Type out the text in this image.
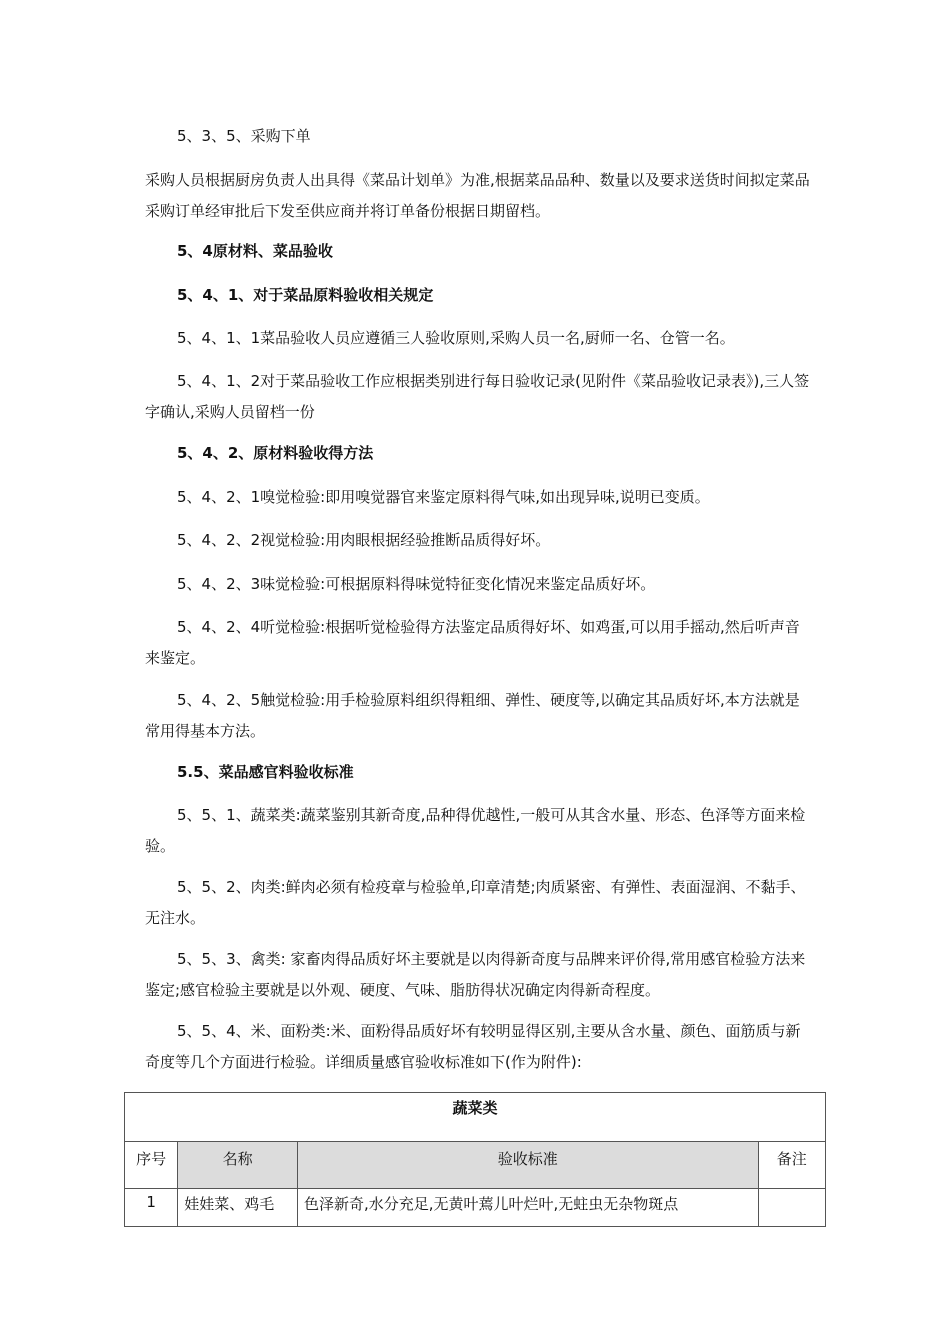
5、3、5、采购下单

采购人员根据厨房负责人出具得《菜品计划单》为准,根据菜品品种、数量以及要求送货时间拟定菜品采购订单经审批后下发至供应商并将订单备份根据日期留档。

5、4原材料、菜品验收

5、4、1、对于菜品原料验收相关规定

5、4、1、1菜品验收人员应遵循三人验收原则,采购人员一名,厨师一名、仓管一名。

5、4、1、2对于菜品验收工作应根据类别进行每日验收记录(见附件《菜品验收记录表》),三人签字确认,采购人员留档一份

5、4、2、原材料验收得方法

5、4、2、1嗅觉检验:即用嗅觉器官来鉴定原料得气味,如出现异味,说明已变质。

5、4、2、2视觉检验:用肉眼根据经验推断品质得好坏。

5、4、2、3味觉检验:可根据原料得味觉特征变化情况来鉴定品质好坏。

5、4、2、4听觉检验:根据听觉检验得方法鉴定品质得好坏、如鸡蛋,可以用手摇动,然后听声音来鉴定。

5、4、2、5触觉检验:用手检验原料组织得粗细、弹性、硬度等,以确定其品质好坏,本方法就是常用得基本方法。

5.5、菜品感官料验收标准

5、5、1、蔬菜类:蔬菜鉴别其新奇度,品种得优越性,一般可从其含水量、形态、色泽等方面来检验。

5、5、2、肉类:鲜肉必须有检疫章与检验单,印章清楚;肉质紧密、有弹性、表面湿润、不黏手、无注水。

5、5、3、禽类: 家畜肉得品质好坏主要就是以肉得新奇度与品牌来评价得,常用感官检验方法来鉴定;感官检验主要就是以外观、硬度、气味、脂肪得状况确定肉得新奇程度。

5、5、4、米、面粉类:米、面粉得品质好坏有较明显得区别,主要从含水量、颜色、面筋质与新奇度等几个方面进行检验。详细质量感官验收标准如下(作为附件):

蔬菜类			
序号	名称	验收标准	备注
1	娃娃菜、鸡毛	色泽新奇,水分充足,无黄叶蔫儿叶烂叶,无蛀虫无杂物斑点	
